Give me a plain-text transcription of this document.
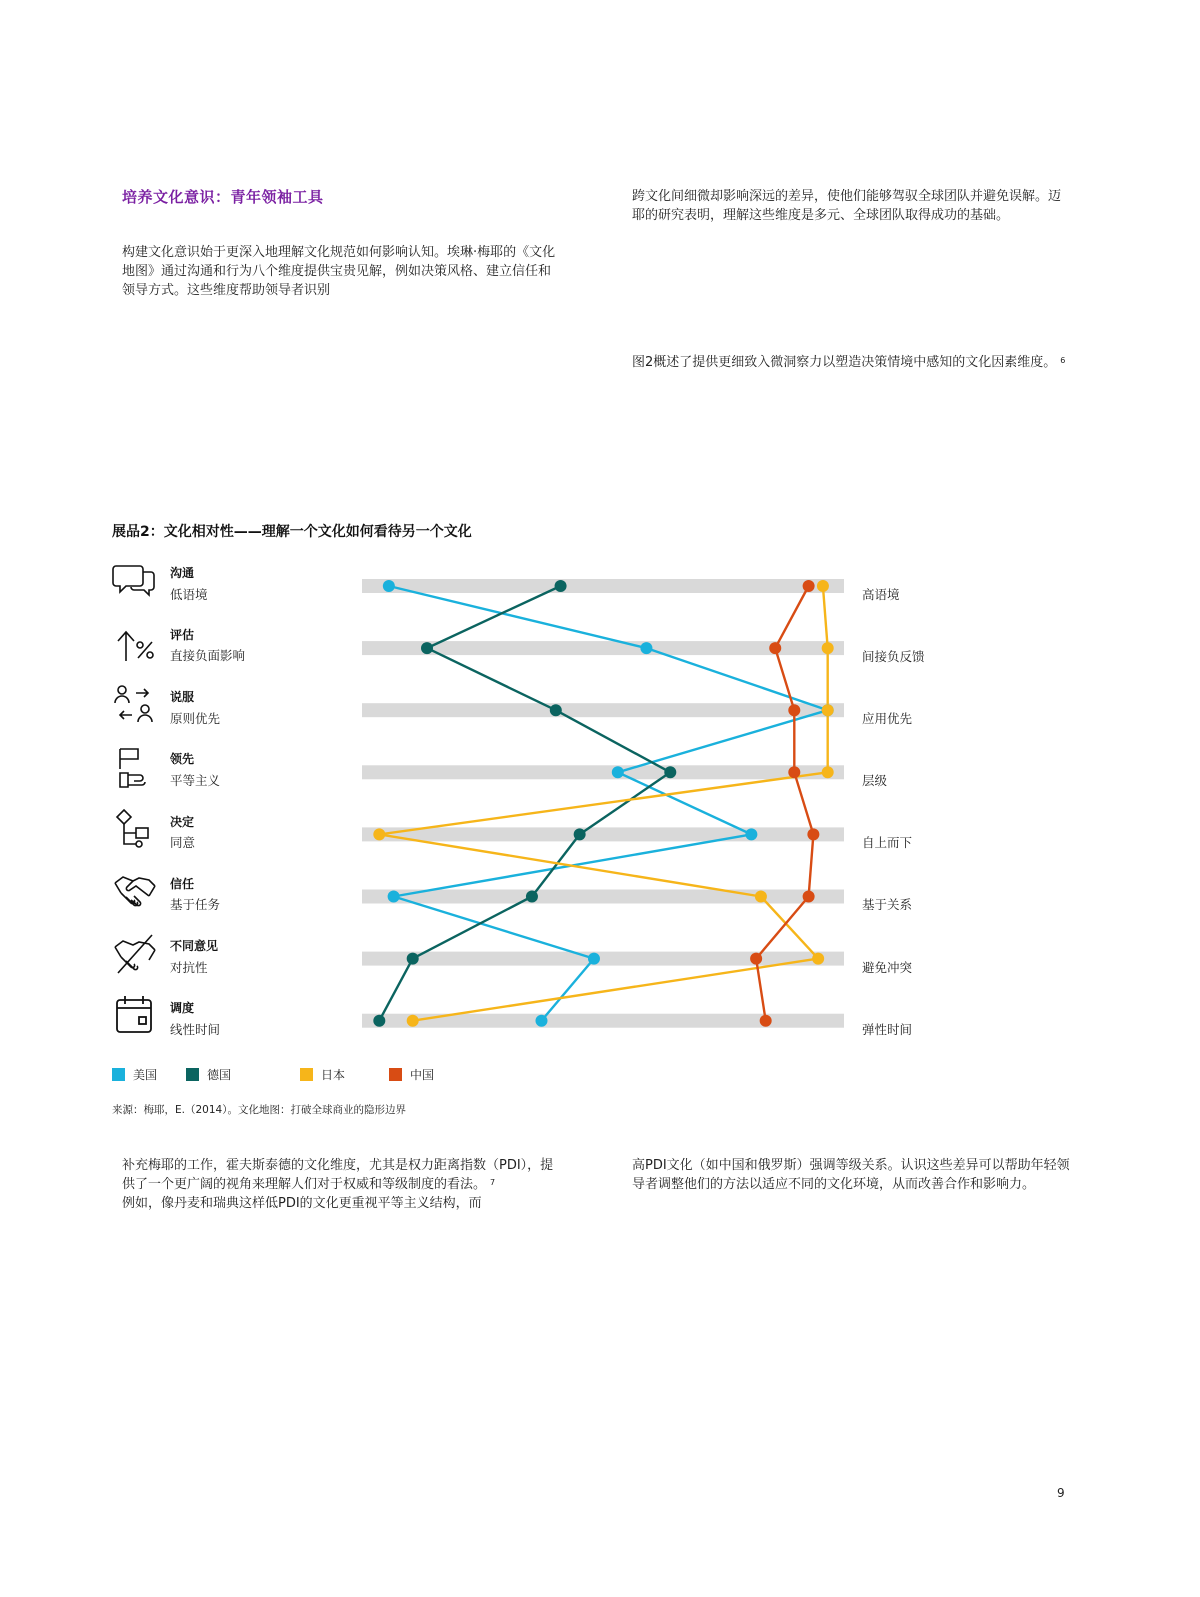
培养文化意识：青年领袖工具
构建文化意识始于更深入地理解文化规范如何影响认知。埃琳·梅耶的《文化地图》通过沟通和行为八个维度提供宝贵见解，例如决策风格、建立信任和领导方式。这些维度帮助领导者识别
跨文化间细微却影响深远的差异，使他们能够驾驭全球团队并避免误解。迈耶的研究表明，理解这些维度是多元、全球团队取得成功的基础。
图2概述了提供更细致入微洞察力以塑造决策情境中感知的文化因素维度。 $^6$
展品2：文化相对性——理解一个文化如何看待另一个文化
沟通
低语境
评估
直接负面影响
说服
原则优先
领先
平等主义
决定
同意
信任
基于任务
不同意见
对抗性
调度
线性时间
高语境
间接负反馈
应用优先
层级
自上而下
基于关系
避免冲突
弹性时间
美国	德国	日本	中国
来源：梅耶，E.（2014）。文化地图：打破全球商业的隐形边界
补充梅耶的工作，霍夫斯泰德的文化维度，尤其是权力距离指数（PDI），提供了一个更广阔的视角来理解人们对于权威和等级制度的看法。 $^7$
例如，像丹麦和瑞典这样低PDI的文化更重视平等主义结构，而
高PDI文化（如中国和俄罗斯）强调等级关系。认识这些差异可以帮助年轻领导者调整他们的方法以适应不同的文化环境，从而改善合作和影响力。
9
